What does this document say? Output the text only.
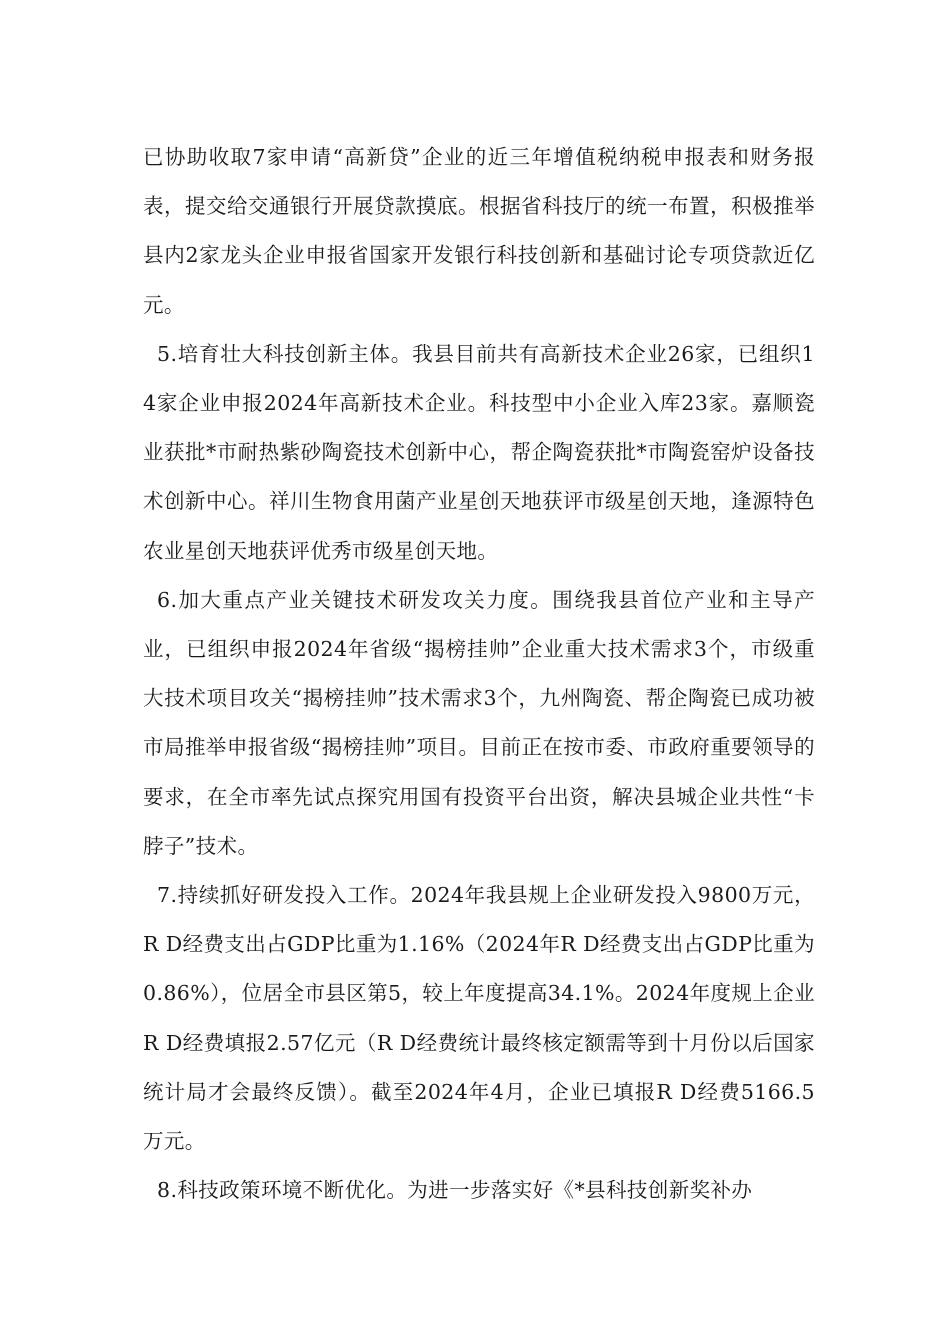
已协助收取7家申请“高新贷”企业的近三年增值税纳税申报表和财务报表，提交给交通银行开展贷款摸底。根据省科技厅的统一布置，积极推举县内2家龙头企业申报省国家开发银行科技创新和基础讨论专项贷款近亿元。

5.培育壮大科技创新主体。我县目前共有高新技术企业26家，已组织14家企业申报2024年高新技术企业。科技型中小企业入库23家。嘉顺瓷业获批*市耐热紫砂陶瓷技术创新中心，帮企陶瓷获批*市陶瓷窑炉设备技术创新中心。祥川生物食用菌产业星创天地获评市级星创天地，逢源特色农业星创天地获评优秀市级星创天地。

6.加大重点产业关键技术研发攻关力度。围绕我县首位产业和主导产业，已组织申报2024年省级“揭榜挂帅”企业重大技术需求3个，市级重大技术项目攻关“揭榜挂帅”技术需求3个，九州陶瓷、帮企陶瓷已成功被市局推举申报省级“揭榜挂帅”项目。目前正在按市委、市政府重要领导的要求，在全市率先试点探究用国有投资平台出资，解决县城企业共性“卡脖子”技术。

7.持续抓好研发投入工作。2024年我县规上企业研发投入9800万元，R D经费支出占GDP比重为1.16%（2024年R D经费支出占GDP比重为0.86%），位居全市县区第5，较上年度提高34.1%。2024年度规上企业R D经费填报2.57亿元（R D经费统计最终核定额需等到十月份以后国家统计局才会最终反馈）。截至2024年4月，企业已填报R D经费5166.5万元。

8.科技政策环境不断优化。为进一步落实好《*县科技创新奖补办
